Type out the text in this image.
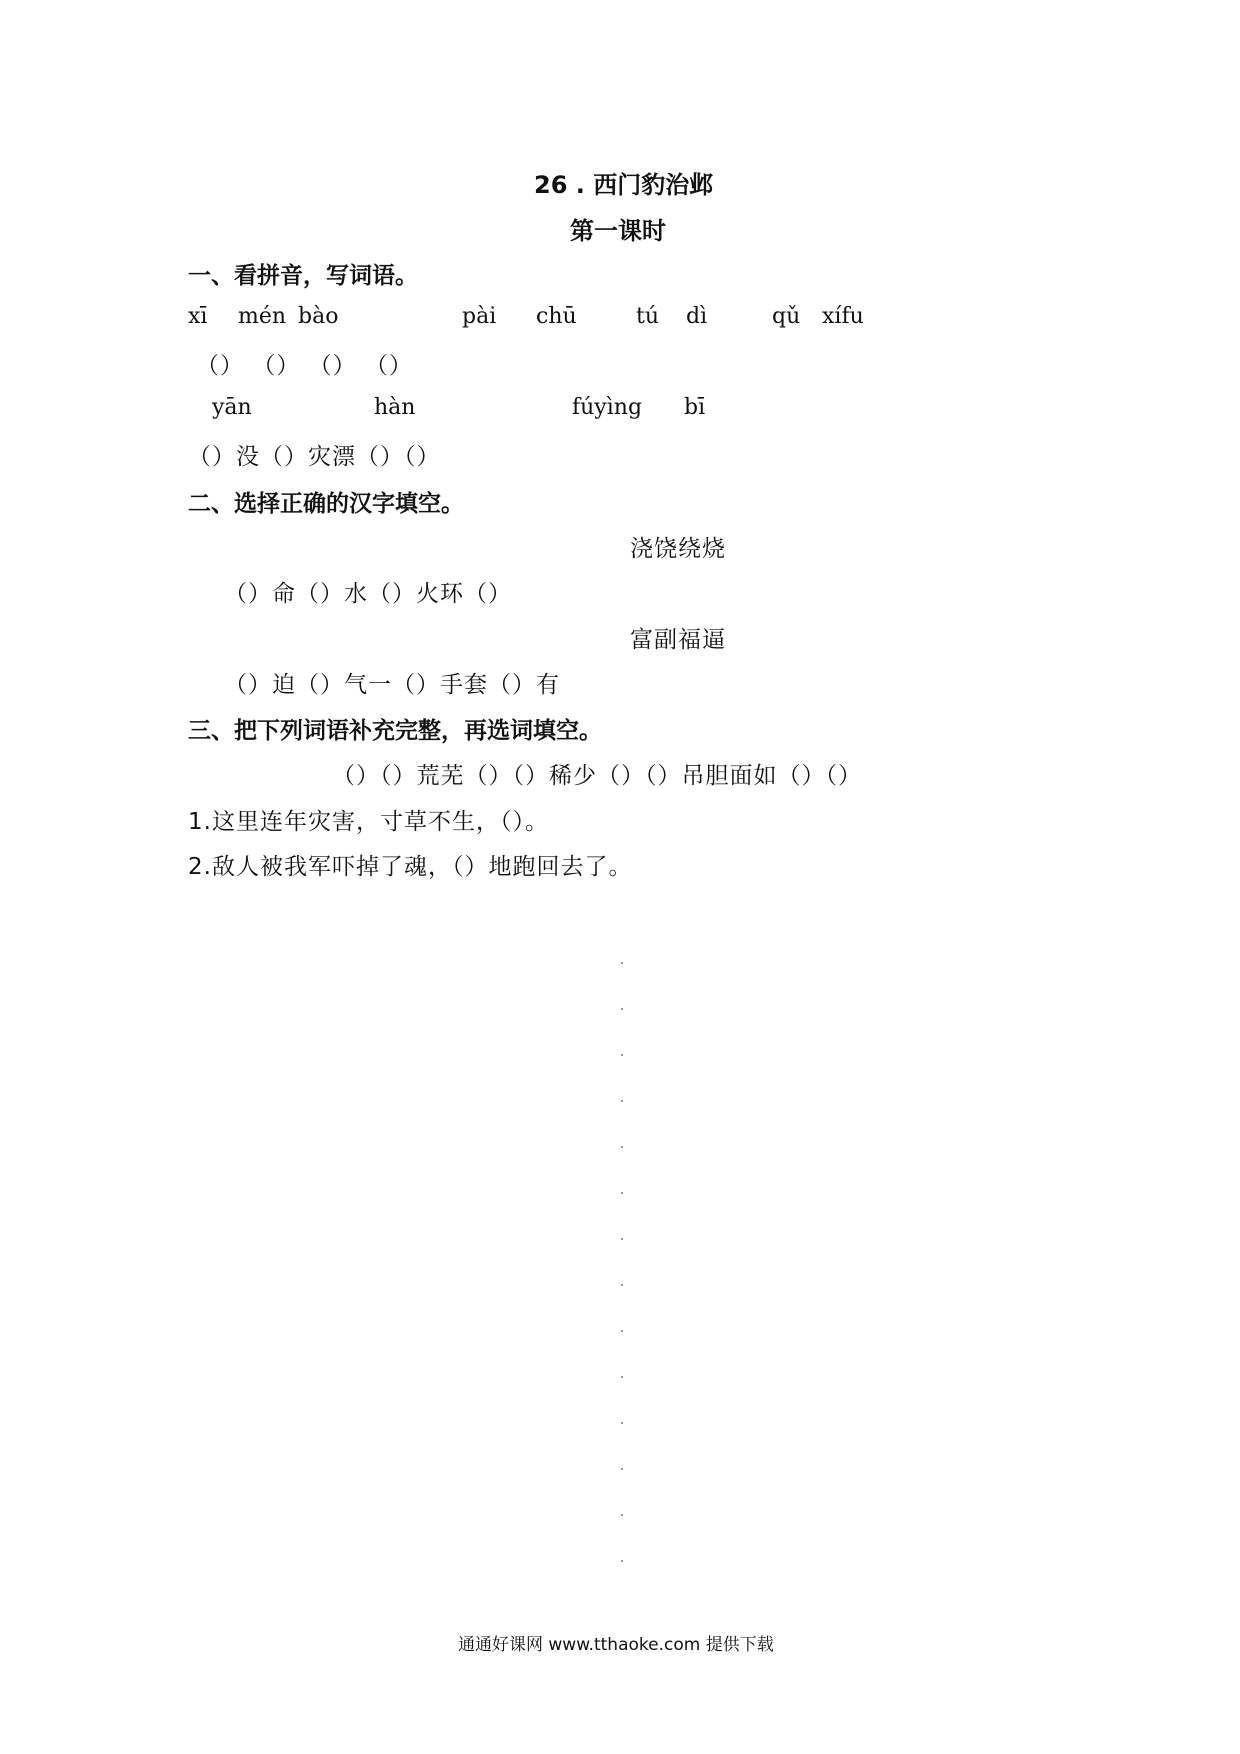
26 . 西门豹治邺
第一课时
一、看拼音，写词语。
xī mén bào	pài chū	tú dì	qǔ xífu
（） （） （） （）
yān	hàn	fúyìng bī
（）没（）灾漂（）（）
二、选择正确的汉字填空。
浇饶绕烧
（）命（）水（）火环（）
富副福逼
（）迫（）气一（）手套（）有
三、把下列词语补充完整，再选词填空。
（）（）荒芜（）（）稀少（）（）吊胆面如（）（）
1.这里连年灾害，寸草不生，（）。
2.敌人被我军吓掉了魂，（）地跑回去了。
通通好课网 www.tthaoke.com 提供下载
